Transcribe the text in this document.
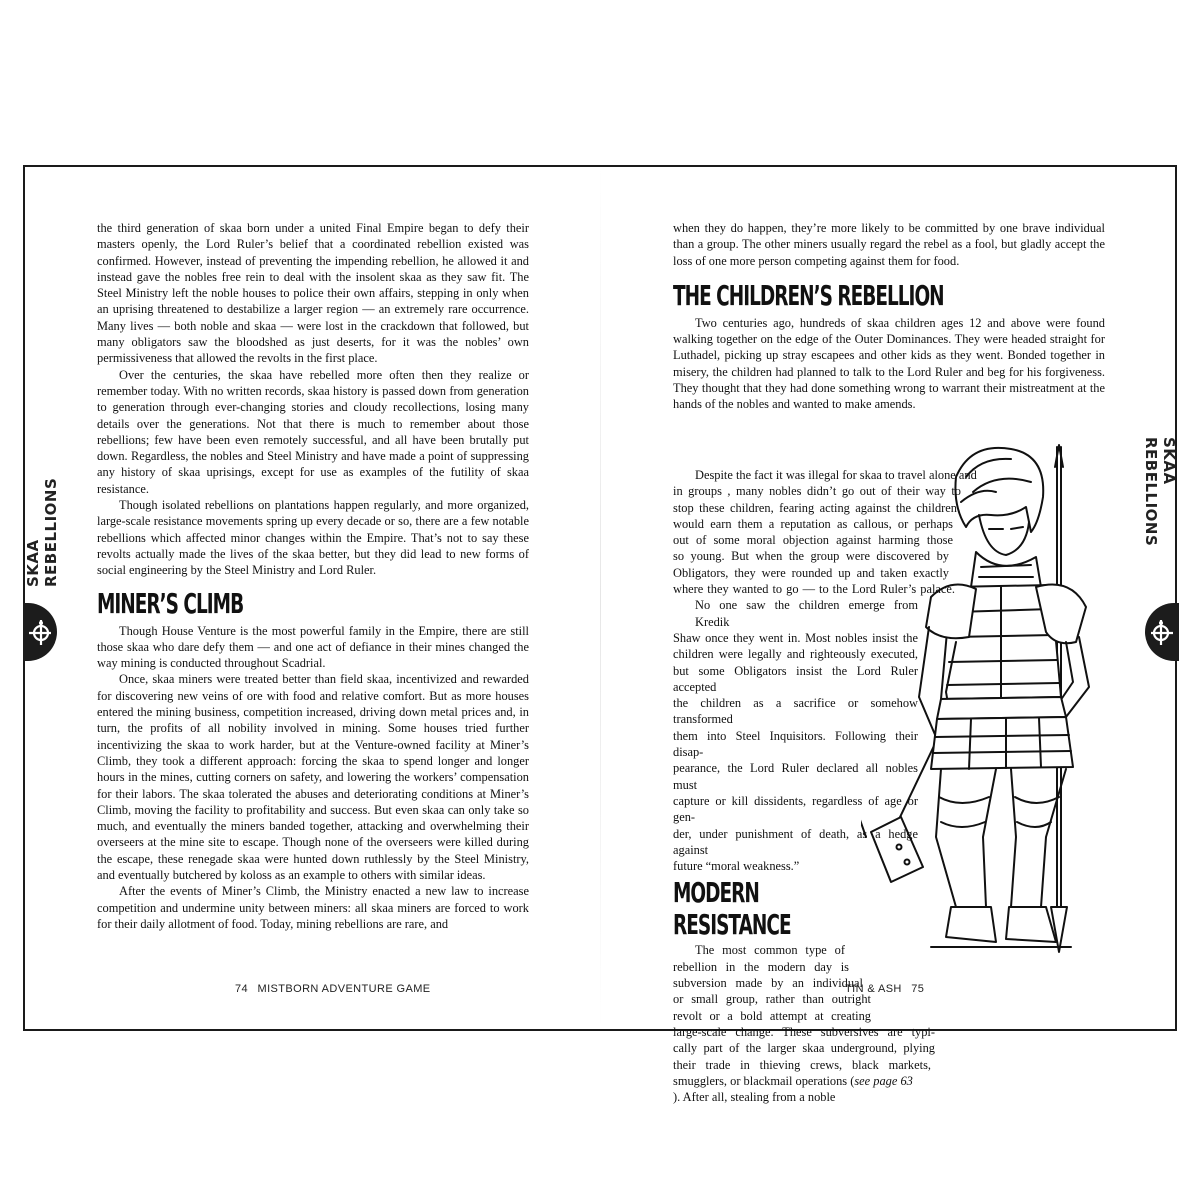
SKAA REBELLIONS

the third generation of skaa born under a united Final Empire began to defy their masters openly, the Lord Ruler’s belief that a coordinated rebellion existed was confirmed. However, instead of preventing the impending rebellion, he allowed it and instead gave the nobles free rein to deal with the insolent skaa as they saw fit. The Steel Ministry left the noble houses to police their own affairs, stepping in only when an uprising threatened to destabilize a larger region — an extremely rare occurrence. Many lives — both noble and skaa — were lost in the crackdown that followed, but many obligators saw the bloodshed as just deserts, for it was the nobles’ own permissiveness that allowed the revolts in the first place.

Over the centuries, the skaa have rebelled more often then they realize or remember today. With no written records, skaa history is passed down from generation to generation through ever-changing stories and cloudy recollections, losing many details over the generations. Not that there is much to remember about those rebellions; few have been even remotely successful, and all have been brutally put down. Regardless, the nobles and Steel Ministry and have made a point of suppressing any history of skaa uprisings, except for use as examples of the futility of skaa resistance.

Though isolated rebellions on plantations happen regularly, and more organized, large-scale resistance movements spring up every decade or so, there are a few notable rebellions which affected minor changes within the Empire. That’s not to say these revolts actually made the lives of the skaa better, but they did lead to new forms of social engineering by the Steel Ministry and Lord Ruler.

MINER’S CLIMB

Though House Venture is the most powerful family in the Empire, there are still those skaa who dare defy them — and one act of defiance in their mines changed the way mining is conducted throughout Scadrial.

Once, skaa miners were treated better than field skaa, incentivized and rewarded for discovering new veins of ore with food and relative comfort. But as more houses entered the mining business, competition increased, driving down metal prices and, in turn, the profits of all nobility involved in mining. Some houses tried further incentivizing the skaa to work harder, but at the Venture-owned facility at Miner’s Climb, they took a different approach: forcing the skaa to spend longer and longer hours in the mines, cutting corners on safety, and lowering the workers’ compensation for their labors. The skaa tolerated the abuses and deteriorating conditions at Miner’s Climb, moving the facility to profitability and success. But even skaa can only take so much, and eventually the miners banded together, attacking and overwhelming their overseers at the mine site to escape. Though none of the overseers were killed during the escape, these renegade skaa were hunted down ruthlessly by the Steel Ministry, and eventually butchered by koloss as an example to others with similar ideas.

After the events of Miner’s Climb, the Ministry enacted a new law to increase competition and undermine unity between miners: all skaa miners are forced to work for their daily allotment of food. Today, mining rebellions are rare, and

74 MISTBORN ADVENTURE GAME
SKAA REBELLIONS

when they do happen, they’re more likely to be committed by one brave individual than a group. The other miners usually regard the rebel as a fool, but gladly accept the loss of one more person competing against them for food.

THE CHILDREN’S REBELLION

Two centuries ago, hundreds of skaa children ages 12 and above were found walking together on the edge of the Outer Dominances. They were headed straight for Luthadel, picking up stray escapees and other kids as they went. Bonded together in misery, the children had planned to talk to the Lord Ruler and beg for his forgiveness. They thought that they had done something wrong to warrant their mistreatment at the hands of the nobles and wanted to make amends.

Despite the fact it was illegal for skaa to travel alone and
in groups , many nobles didn’t go out of their way to
stop these children, fearing acting against the children
would earn them a reputation as callous, or perhaps
out of some moral objection against harming those
so young. But when the group were discovered by
Obligators, they were rounded up and taken exactly
where they wanted to go — to the Lord Ruler’s palace.
No one saw the children emerge from Kredik
Shaw once they went in. Most nobles insist the
children were legally and righteously executed,
but some Obligators insist the Lord Ruler accepted
the children as a sacrifice or somehow transformed
them into Steel Inquisitors. Following their disap-
pearance, the Lord Ruler declared all nobles must
capture or kill dissidents, regardless of age or gen-
der, under punishment of death, as a hedge against
future “moral weakness.”
MODERN
RESISTANCE
The most common type of
rebellion in the modern day is
subversion made by an individual
or small group, rather than outright
revolt or a bold attempt at creating
large-scale change. These subversives are typi-
cally part of the larger skaa underground, plying
their trade in thieving crews, black markets,
smugglers, or blackmail operations (see page 63
). After all, stealing from a noble
TIN & ASH 75
